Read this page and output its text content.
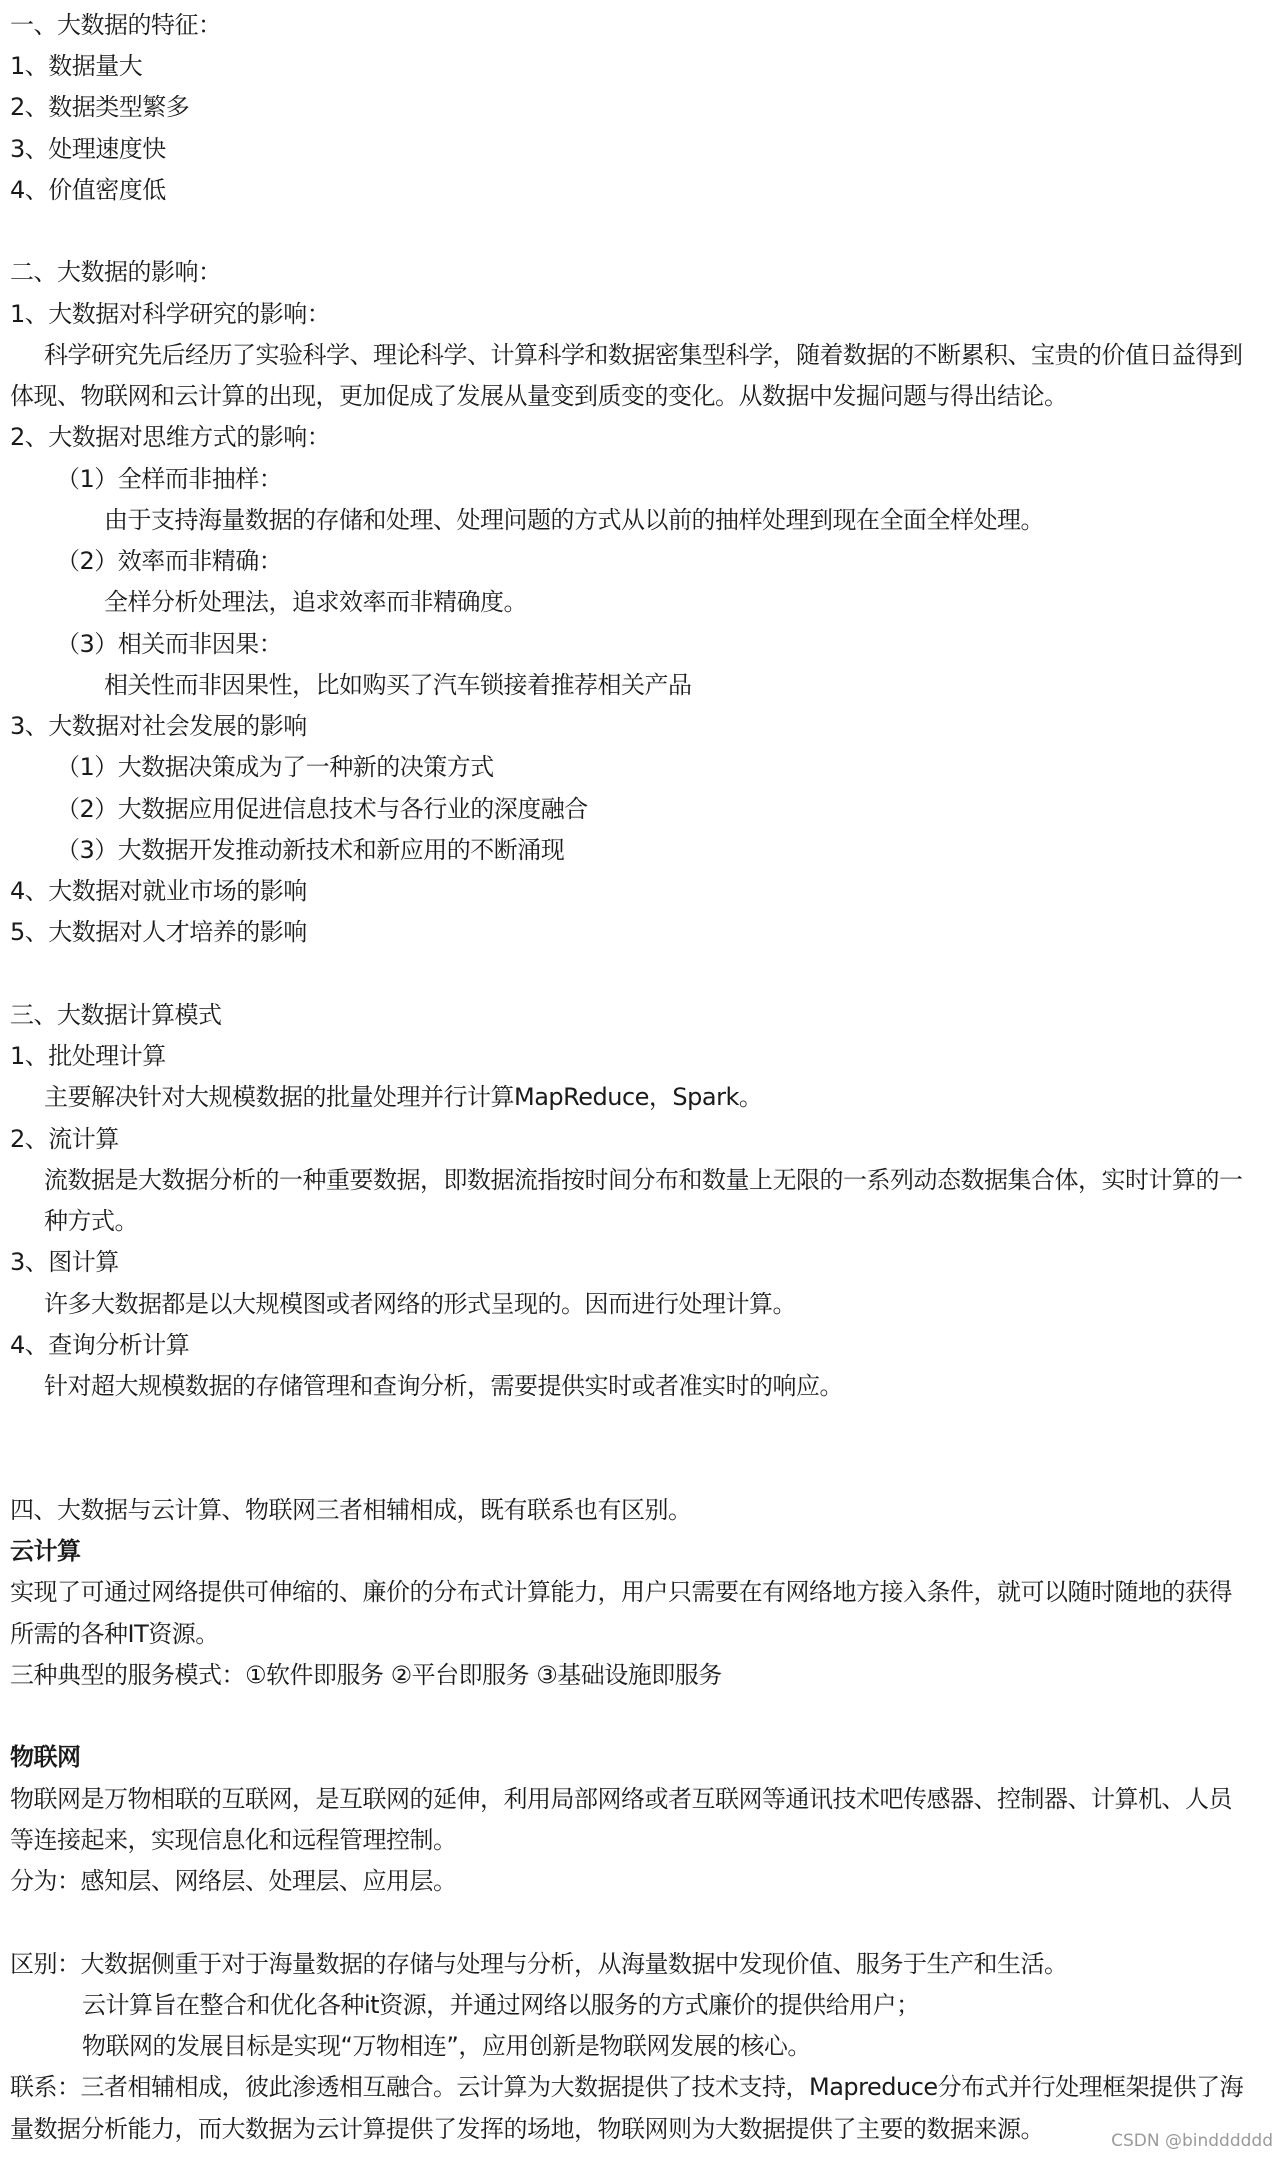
一、大数据的特征：
1、数据量大
2、数据类型繁多
3、处理速度快
4、价值密度低
二、大数据的影响：
1、大数据对科学研究的影响：
科学研究先后经历了实验科学、理论科学、计算科学和数据密集型科学，随着数据的不断累积、宝贵的价值日益得到
体现、物联网和云计算的出现，更加促成了发展从量变到质变的变化。从数据中发掘问题与得出结论。
2、大数据对思维方式的影响：
（1）全样而非抽样：
由于支持海量数据的存储和处理、处理问题的方式从以前的抽样处理到现在全面全样处理。
（2）效率而非精确：
全样分析处理法，追求效率而非精确度。
（3）相关而非因果：
相关性而非因果性，比如购买了汽车锁接着推荐相关产品
3、大数据对社会发展的影响
（1）大数据决策成为了一种新的决策方式
（2）大数据应用促进信息技术与各行业的深度融合
（3）大数据开发推动新技术和新应用的不断涌现
4、大数据对就业市场的影响
5、大数据对人才培养的影响
三、大数据计算模式
1、批处理计算
主要解决针对大规模数据的批量处理并行计算MapReduce，Spark。
2、流计算
流数据是大数据分析的一种重要数据，即数据流指按时间分布和数量上无限的一系列动态数据集合体，实时计算的一
种方式。
3、图计算
许多大数据都是以大规模图或者网络的形式呈现的。因而进行处理计算。
4、查询分析计算
针对超大规模数据的存储管理和查询分析，需要提供实时或者准实时的响应。
四、大数据与云计算、物联网三者相辅相成，既有联系也有区别。
云计算
实现了可通过网络提供可伸缩的、廉价的分布式计算能力，用户只需要在有网络地方接入条件，就可以随时随地的获得
所需的各种IT资源。
三种典型的服务模式：①软件即服务 ②平台即服务 ③基础设施即服务
物联网
物联网是万物相联的互联网，是互联网的延伸，利用局部网络或者互联网等通讯技术吧传感器、控制器、计算机、人员
等连接起来，实现信息化和远程管理控制。
分为：感知层、网络层、处理层、应用层。
区别：大数据侧重于对于海量数据的存储与处理与分析，从海量数据中发现价值、服务于生产和生活。
云计算旨在整合和优化各种it资源，并通过网络以服务的方式廉价的提供给用户；
物联网的发展目标是实现“万物相连”，应用创新是物联网发展的核心。
联系：三者相辅相成，彼此渗透相互融合。云计算为大数据提供了技术支持，Mapreduce分布式并行处理框架提供了海
量数据分析能力，而大数据为云计算提供了发挥的场地，物联网则为大数据提供了主要的数据来源。	CSDN @bindddddd
